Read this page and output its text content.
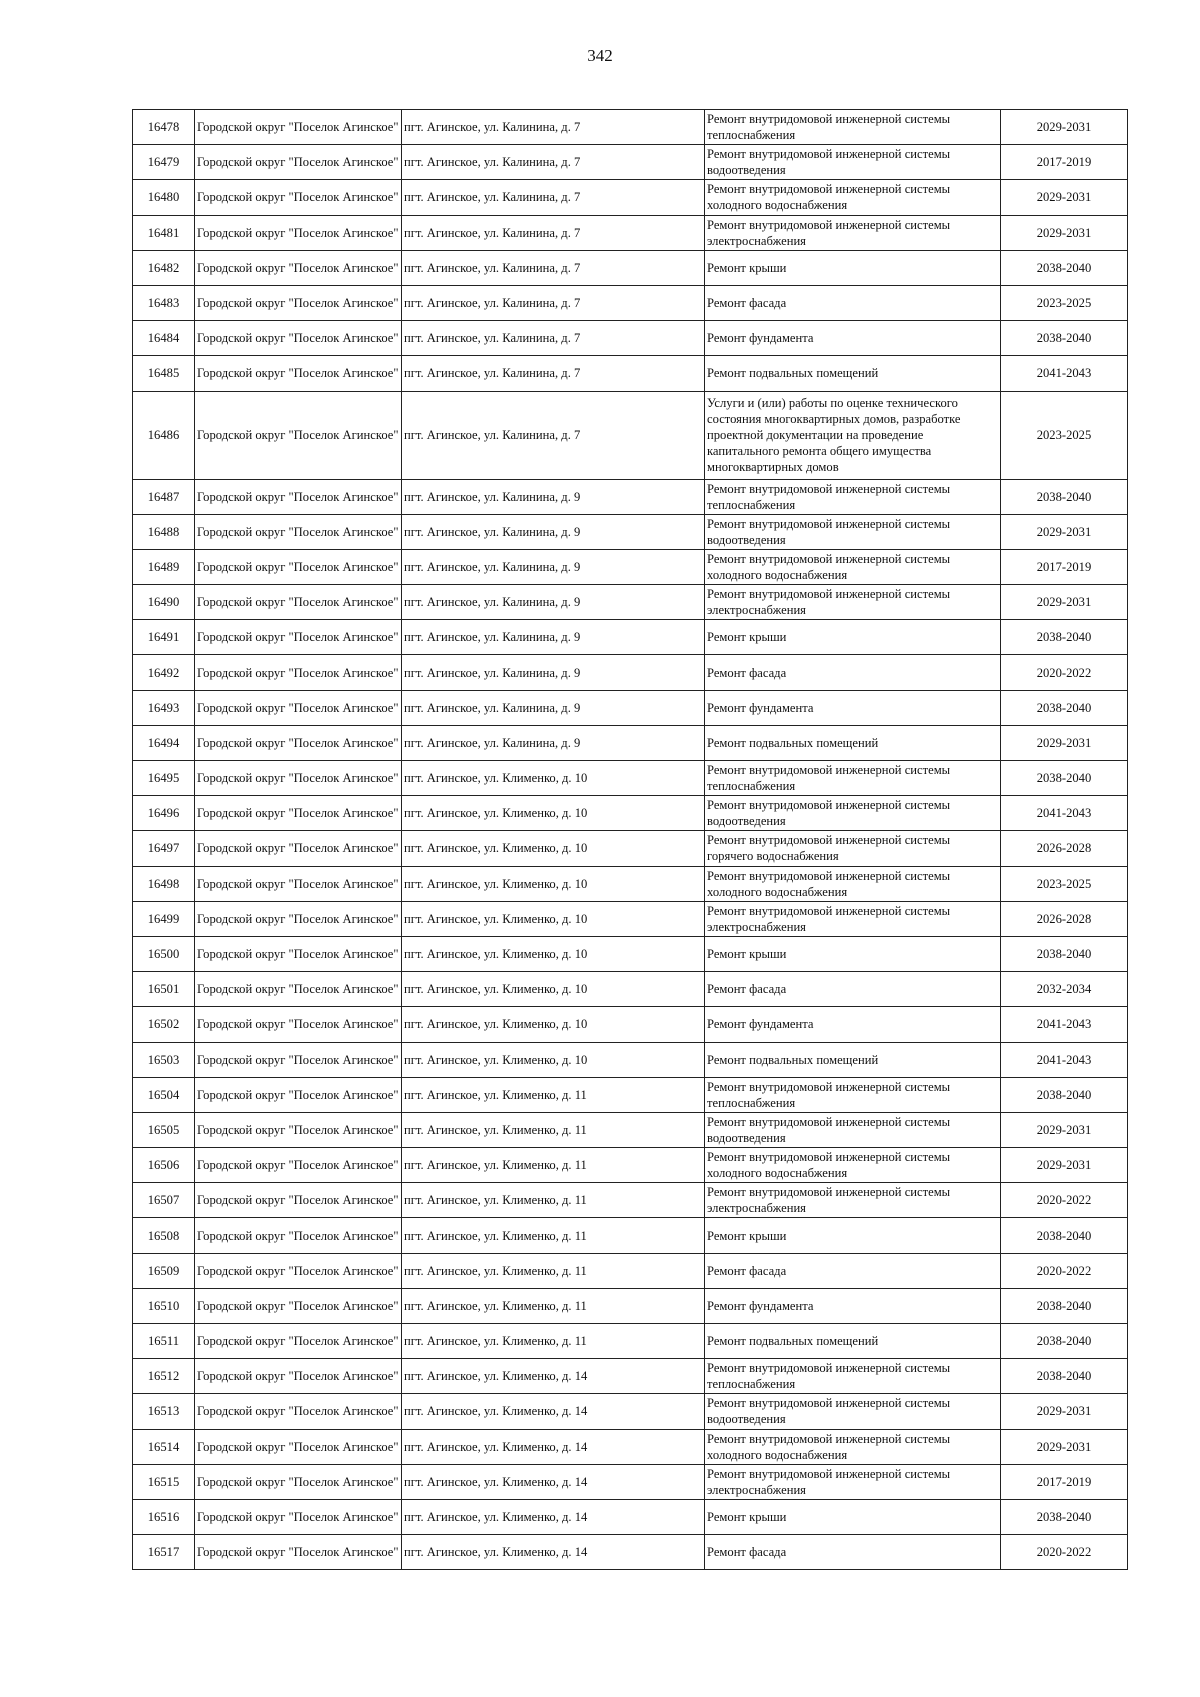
342
16478	Городской округ "Поселок Агинское"	пгт. Агинское, ул. Калинина, д. 7	Ремонт внутридомовой инженерной системы теплоснабжения	2029-2031
16479	Городской округ "Поселок Агинское"	пгт. Агинское, ул. Калинина, д. 7	Ремонт внутридомовой инженерной системы водоотведения	2017-2019
16480	Городской округ "Поселок Агинское"	пгт. Агинское, ул. Калинина, д. 7	Ремонт внутридомовой инженерной системы холодного водоснабжения	2029-2031
16481	Городской округ "Поселок Агинское"	пгт. Агинское, ул. Калинина, д. 7	Ремонт внутридомовой инженерной системы электроснабжения	2029-2031
16482	Городской округ "Поселок Агинское"	пгт. Агинское, ул. Калинина, д. 7	Ремонт крыши	2038-2040
16483	Городской округ "Поселок Агинское"	пгт. Агинское, ул. Калинина, д. 7	Ремонт фасада	2023-2025
16484	Городской округ "Поселок Агинское"	пгт. Агинское, ул. Калинина, д. 7	Ремонт фундамента	2038-2040
16485	Городской округ "Поселок Агинское"	пгт. Агинское, ул. Калинина, д. 7	Ремонт подвальных помещений	2041-2043
16486	Городской округ "Поселок Агинское"	пгт. Агинское, ул. Калинина, д. 7	Услуги и (или) работы по оценке технического состояния многоквартирных домов, разработке проектной документации на проведение капитального ремонта общего имущества многоквартирных домов	2023-2025
16487	Городской округ "Поселок Агинское"	пгт. Агинское, ул. Калинина, д. 9	Ремонт внутридомовой инженерной системы теплоснабжения	2038-2040
16488	Городской округ "Поселок Агинское"	пгт. Агинское, ул. Калинина, д. 9	Ремонт внутридомовой инженерной системы водоотведения	2029-2031
16489	Городской округ "Поселок Агинское"	пгт. Агинское, ул. Калинина, д. 9	Ремонт внутридомовой инженерной системы холодного водоснабжения	2017-2019
16490	Городской округ "Поселок Агинское"	пгт. Агинское, ул. Калинина, д. 9	Ремонт внутридомовой инженерной системы электроснабжения	2029-2031
16491	Городской округ "Поселок Агинское"	пгт. Агинское, ул. Калинина, д. 9	Ремонт крыши	2038-2040
16492	Городской округ "Поселок Агинское"	пгт. Агинское, ул. Калинина, д. 9	Ремонт фасада	2020-2022
16493	Городской округ "Поселок Агинское"	пгт. Агинское, ул. Калинина, д. 9	Ремонт фундамента	2038-2040
16494	Городской округ "Поселок Агинское"	пгт. Агинское, ул. Калинина, д. 9	Ремонт подвальных помещений	2029-2031
16495	Городской округ "Поселок Агинское"	пгт. Агинское, ул. Клименко, д. 10	Ремонт внутридомовой инженерной системы теплоснабжения	2038-2040
16496	Городской округ "Поселок Агинское"	пгт. Агинское, ул. Клименко, д. 10	Ремонт внутридомовой инженерной системы водоотведения	2041-2043
16497	Городской округ "Поселок Агинское"	пгт. Агинское, ул. Клименко, д. 10	Ремонт внутридомовой инженерной системы горячего водоснабжения	2026-2028
16498	Городской округ "Поселок Агинское"	пгт. Агинское, ул. Клименко, д. 10	Ремонт внутридомовой инженерной системы холодного водоснабжения	2023-2025
16499	Городской округ "Поселок Агинское"	пгт. Агинское, ул. Клименко, д. 10	Ремонт внутридомовой инженерной системы электроснабжения	2026-2028
16500	Городской округ "Поселок Агинское"	пгт. Агинское, ул. Клименко, д. 10	Ремонт крыши	2038-2040
16501	Городской округ "Поселок Агинское"	пгт. Агинское, ул. Клименко, д. 10	Ремонт фасада	2032-2034
16502	Городской округ "Поселок Агинское"	пгт. Агинское, ул. Клименко, д. 10	Ремонт фундамента	2041-2043
16503	Городской округ "Поселок Агинское"	пгт. Агинское, ул. Клименко, д. 10	Ремонт подвальных помещений	2041-2043
16504	Городской округ "Поселок Агинское"	пгт. Агинское, ул. Клименко, д. 11	Ремонт внутридомовой инженерной системы теплоснабжения	2038-2040
16505	Городской округ "Поселок Агинское"	пгт. Агинское, ул. Клименко, д. 11	Ремонт внутридомовой инженерной системы водоотведения	2029-2031
16506	Городской округ "Поселок Агинское"	пгт. Агинское, ул. Клименко, д. 11	Ремонт внутридомовой инженерной системы холодного водоснабжения	2029-2031
16507	Городской округ "Поселок Агинское"	пгт. Агинское, ул. Клименко, д. 11	Ремонт внутридомовой инженерной системы электроснабжения	2020-2022
16508	Городской округ "Поселок Агинское"	пгт. Агинское, ул. Клименко, д. 11	Ремонт крыши	2038-2040
16509	Городской округ "Поселок Агинское"	пгт. Агинское, ул. Клименко, д. 11	Ремонт фасада	2020-2022
16510	Городской округ "Поселок Агинское"	пгт. Агинское, ул. Клименко, д. 11	Ремонт фундамента	2038-2040
16511	Городской округ "Поселок Агинское"	пгт. Агинское, ул. Клименко, д. 11	Ремонт подвальных помещений	2038-2040
16512	Городской округ "Поселок Агинское"	пгт. Агинское, ул. Клименко, д. 14	Ремонт внутридомовой инженерной системы теплоснабжения	2038-2040
16513	Городской округ "Поселок Агинское"	пгт. Агинское, ул. Клименко, д. 14	Ремонт внутридомовой инженерной системы водоотведения	2029-2031
16514	Городской округ "Поселок Агинское"	пгт. Агинское, ул. Клименко, д. 14	Ремонт внутридомовой инженерной системы холодного водоснабжения	2029-2031
16515	Городской округ "Поселок Агинское"	пгт. Агинское, ул. Клименко, д. 14	Ремонт внутридомовой инженерной системы электроснабжения	2017-2019
16516	Городской округ "Поселок Агинское"	пгт. Агинское, ул. Клименко, д. 14	Ремонт крыши	2038-2040
16517	Городской округ "Поселок Агинское"	пгт. Агинское, ул. Клименко, д. 14	Ремонт фасада	2020-2022
